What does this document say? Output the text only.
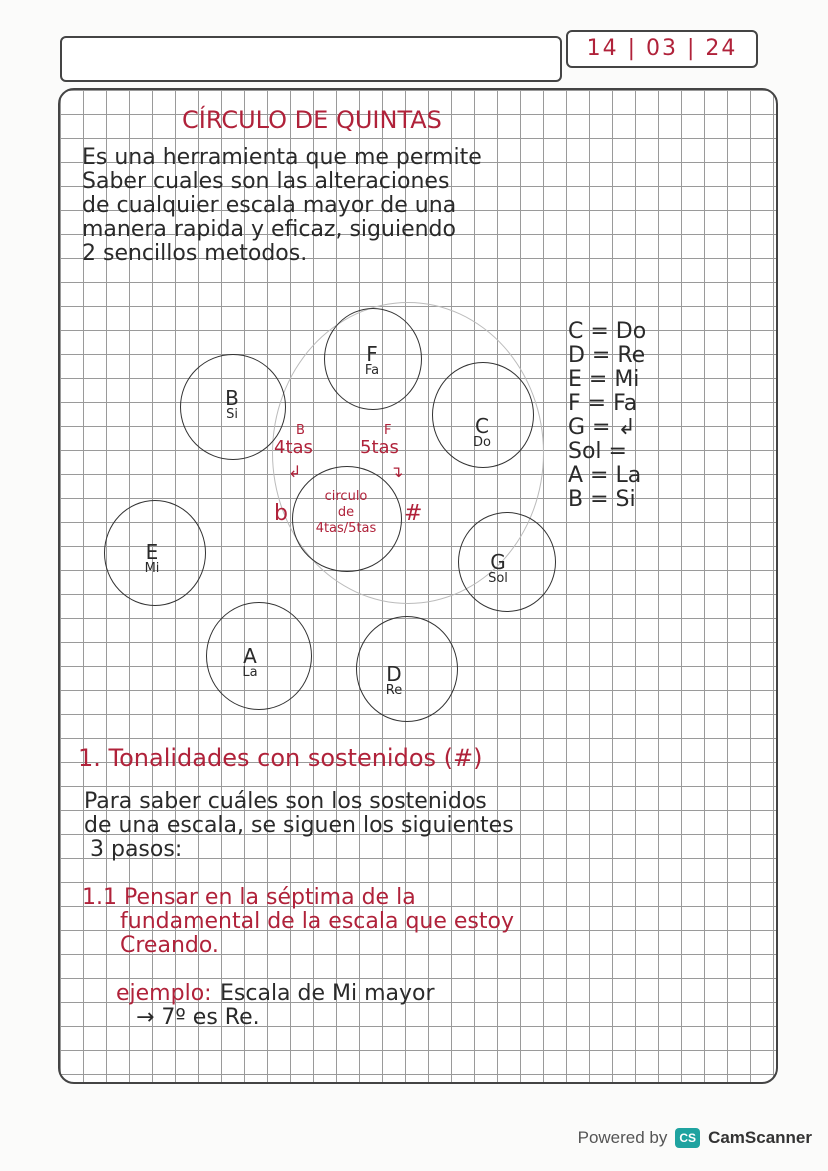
14 | 03 | 24
CÍRCULO DE QUINTAS
Es una herramienta que me permite
Saber cuales son las alteraciones
de cualquier escala mayor de una
manera rapida y eficaz, siguiendo
2 sencillos metodos.
F
Fa
B
Si	C
Do
E
Mi	G
Sol
A
La	D
Re
circulo
de
4tas/5tas
4tas
B
5tas
F
↲	↴
b	#
C = Do
D = Re
E = Mi
F = Fa
G = ↲
Sol =
A = La
B = Si
1. Tonalidades con sostenidos (#)
Para saber cuáles son los sostenidos
de una escala, se siguen los siguientes
3 pasos:
1.1 Pensar en la séptima de la
fundamental de la escala que estoy
Creando.
ejemplo: Escala de Mi mayor
→ 7º es Re.
Powered by	CS CamScanner
